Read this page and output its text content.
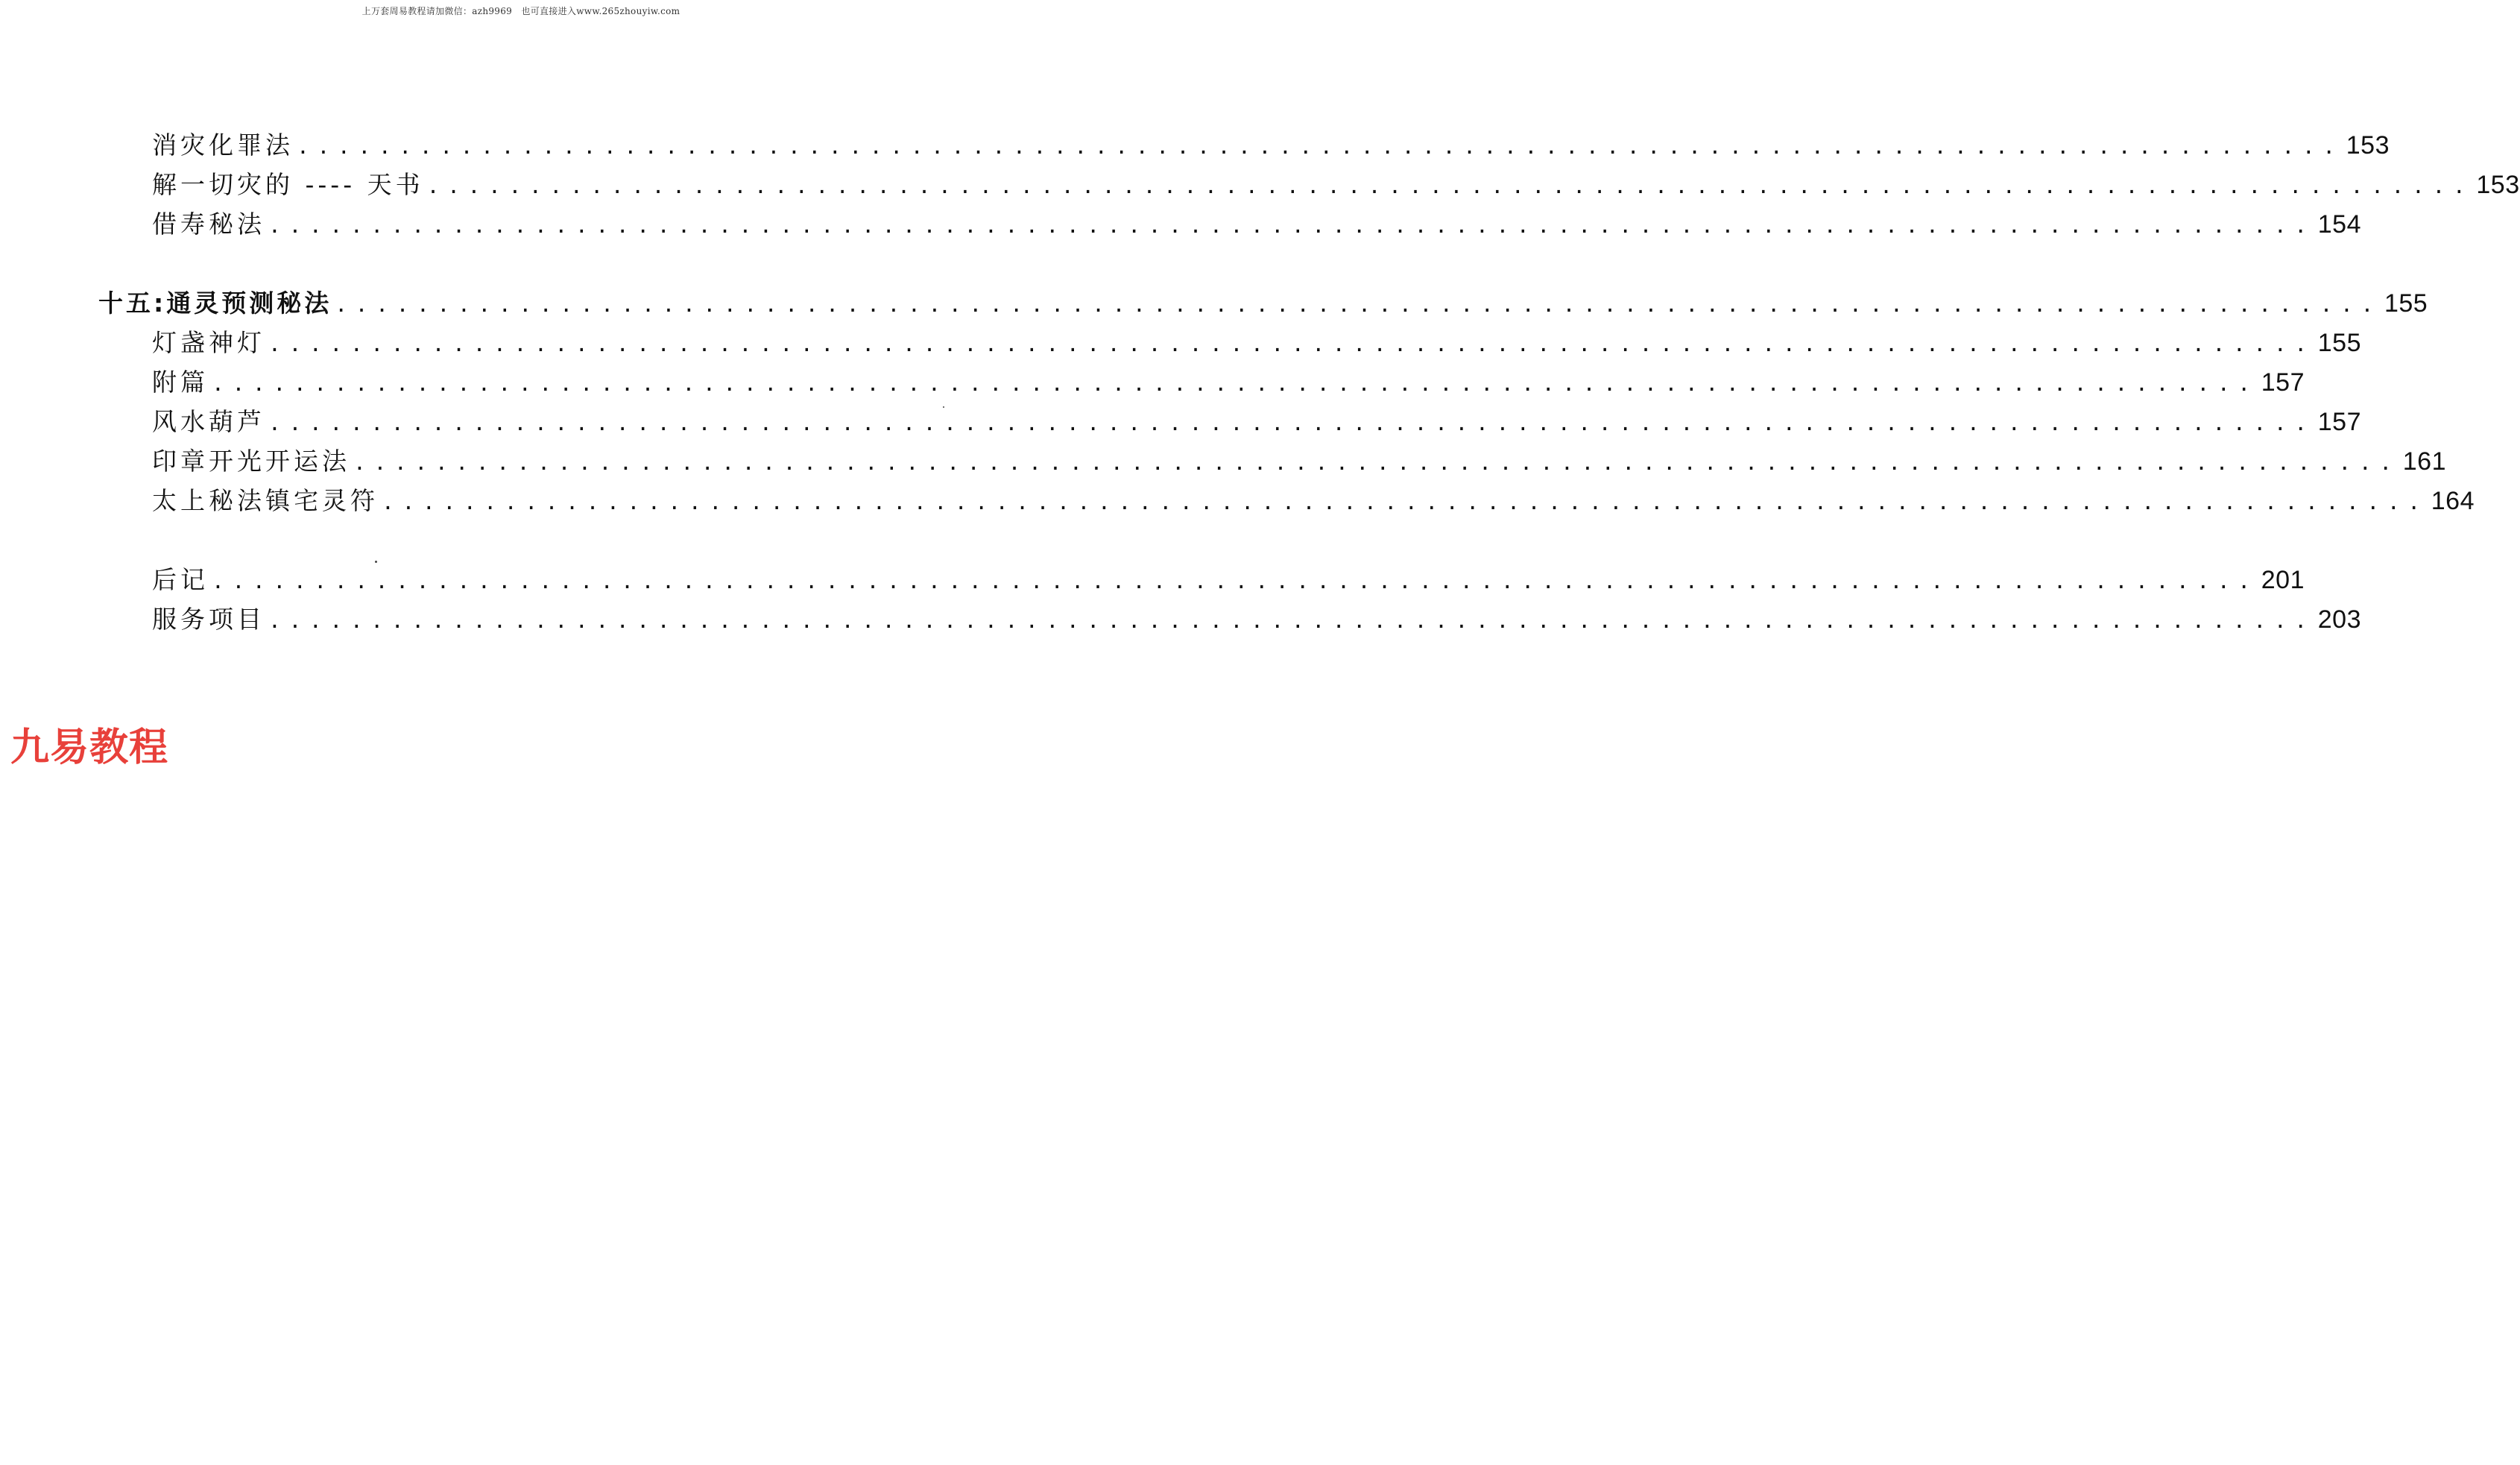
上万套周易教程请加微信：azh9969　也可直接进入www.265zhouyiw.com
消灾化罪法 .................................................................................................... 153
解一切灾的 ---- 天书 .................................................................................................... 153
借寿秘法 .................................................................................................... 154
十五:通灵预测秘法 .................................................................................................... 155
灯盏神灯 .................................................................................................... 155
附篇 .................................................................................................... 157
风水葫芦 .................................................................................................... 157
印章开光开运法 .................................................................................................... 161
太上秘法镇宅灵符 .................................................................................................... 164
后记 .................................................................................................... 201
服务项目 .................................................................................................... 203
九易教程
